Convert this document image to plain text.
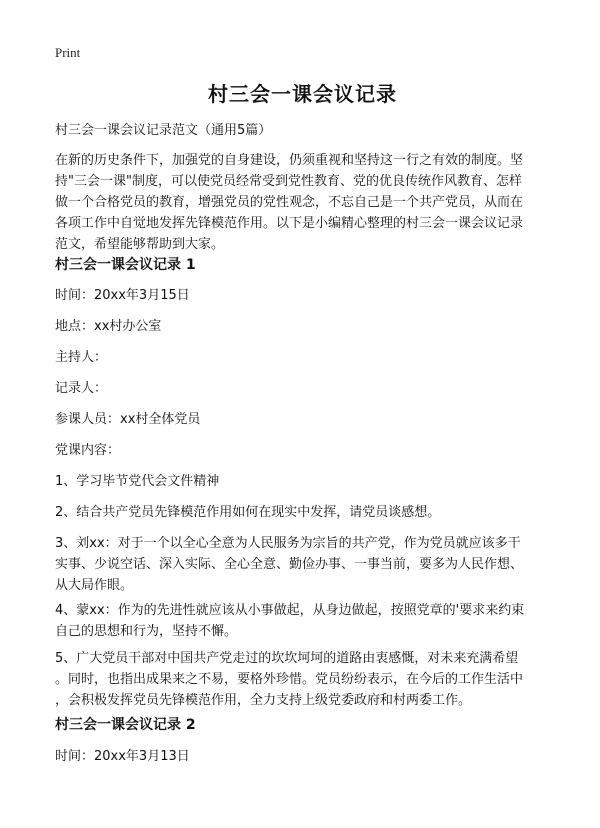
Print
村三会一课会议记录

村三会一课会议记录范文（通用5篇）

在新的历史条件下，加强党的自身建设，仍须重视和坚持这一行之有效的制度。坚
持"三会一课"制度，可以使党员经常受到党性教育、党的优良传统作风教育、怎样
做一个合格党员的教育，增强党员的党性观念，不忘自己是一个共产党员，从而在
各项工作中自觉地发挥先锋模范作用。以下是小编精心整理的村三会一课会议记录
范文，希望能够帮助到大家。

村三会一课会议记录 1

时间：20xx年3月15日

地点：xx村办公室

主持人：

记录人：

参课人员：xx村全体党员

党课内容：

1、学习毕节党代会文件精神

2、结合共产党员先锋模范作用如何在现实中发挥，请党员谈感想。

3、刘xx：对于一个以全心全意为人民服务为宗旨的共产党，作为党员就应该多干
实事、少说空话、深入实际、全心全意、勤俭办事、一事当前，要多为人民作想、
从大局作眼。

4、蒙xx：作为的先进性就应该从小事做起，从身边做起，按照党章的'要求来约束
自己的思想和行为，坚持不懈。

5、广大党员干部对中国共产党走过的坎坎坷坷的道路由衷感慨，对未来充满希望
。同时，也指出成果来之不易，要格外珍惜。党员纷纷表示，在今后的工作生活中
，会积极发挥党员先锋模范作用，全力支持上级党委政府和村两委工作。

村三会一课会议记录 2

时间：20xx年3月13日
